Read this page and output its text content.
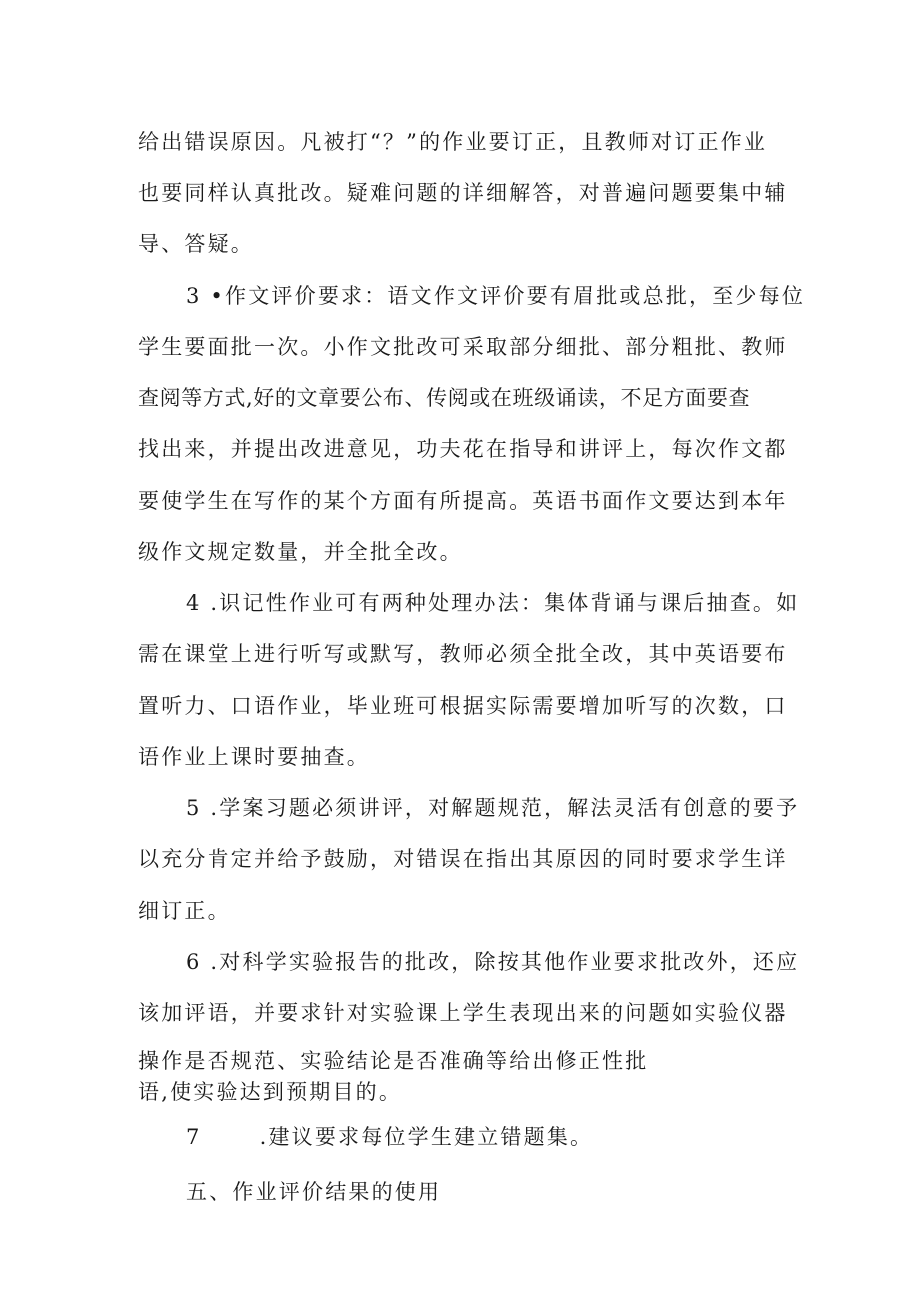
给出错误原因。凡被打“？”的作业要订正，且教师对订正作业
也要同样认真批改。疑难问题的详细解答，对普遍问题要集中辅
导、答疑。
3 •作文评价要求：语文作文评价要有眉批或总批，至少每位
学生要面批一次。小作文批改可采取部分细批、部分粗批、教师
查阅等方式,好的文章要公布、传阅或在班级诵读，不足方面要查
找出来，并提出改进意见，功夫花在指导和讲评上，每次作文都
要使学生在写作的某个方面有所提高。英语书面作文要达到本年
级作文规定数量，并全批全改。
4 .识记性作业可有两种处理办法：集体背诵与课后抽查。如
需在课堂上进行听写或默写，教师必须全批全改，其中英语要布
置听力、口语作业，毕业班可根据实际需要增加听写的次数，口
语作业上课时要抽查。
5 .学案习题必须讲评，对解题规范，解法灵活有创意的要予
以充分肯定并给予鼓励，对错误在指出其原因的同时要求学生详
细订正。
6 .对科学实验报告的批改，除按其他作业要求批改外，还应
该加评语，并要求针对实验课上学生表现出来的问题如实验仪器
操作是否规范、实验结论是否准确等给出修正性批
语,使实验达到预期目的。
7	.建议要求每位学生建立错题集。
五、作业评价结果的使用
